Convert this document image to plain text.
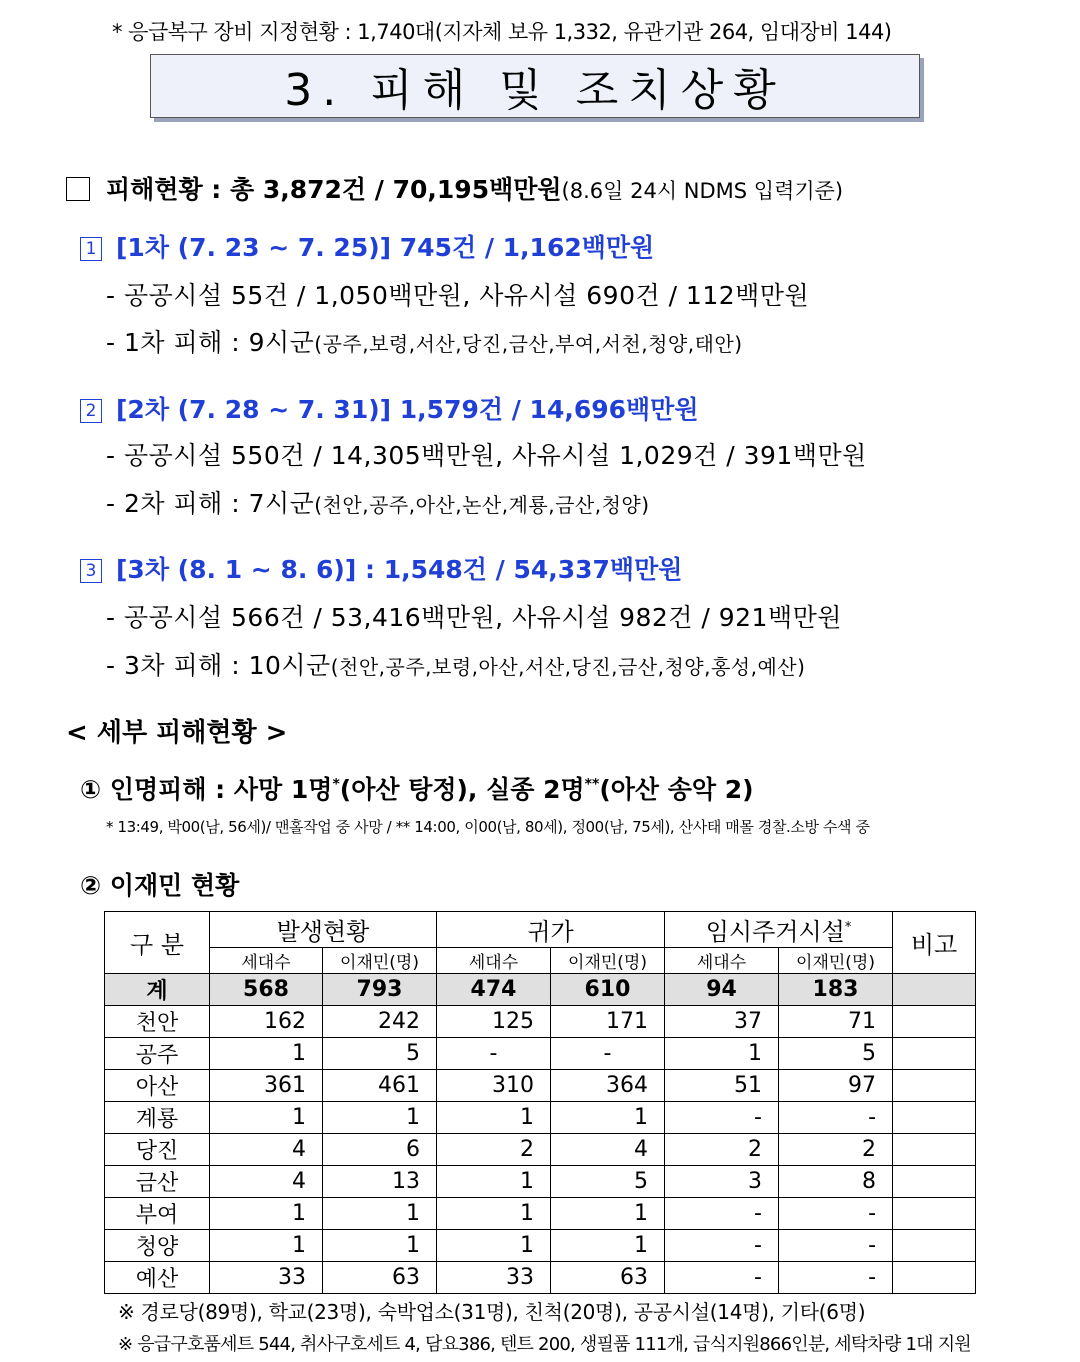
* 응급복구 장비 지정현황 : 1,740대(지자체 보유 1,332, 유관기관 264, 임대장비 144)
3. 피해 및 조치상황
피해현황 : 총 3,872건 / 70,195백만원(8.6일 24시 NDMS 입력기준)
1 [1차 (7. 23 ~ 7. 25)] 745건 / 1,162백만원
- 공공시설 55건 / 1,050백만원, 사유시설 690건 / 112백만원
- 1차 피해 : 9시군(공주,보령,서산,당진,금산,부여,서천,청양,태안)
2 [2차 (7. 28 ~ 7. 31)] 1,579건 / 14,696백만원
- 공공시설 550건 / 14,305백만원, 사유시설 1,029건 / 391백만원
- 2차 피해 : 7시군(천안,공주,아산,논산,계룡,금산,청양)
3 [3차 (8. 1 ~ 8. 6)] : 1,548건 / 54,337백만원
- 공공시설 566건 / 53,416백만원, 사유시설 982건 / 921백만원
- 3차 피해 : 10시군(천안,공주,보령,아산,서산,당진,금산,청양,홍성,예산)
< 세부 피해현황 >
① 인명피해 : 사망 1명*(아산 탕정), 실종 2명**(아산 송악 2)
* 13:49, 박00(남, 56세)/ 맨홀작업 중 사망 / ** 14:00, 이00(남, 80세), 정00(남, 75세), 산사태 매몰 경찰.소방 수색 중
② 이재민 현황
구 분	발생현황		귀가		임시주거시설*		비고
	세대수	이재민(명)	세대수	이재민(명)	세대수	이재민(명)	
계	568	793	474	610	94	183	
천안	162	242	125	171	37	71	
공주	1	5	-	-	1	5	
아산	361	461	310	364	51	97	
계룡	1	1	1	1	-	-	
당진	4	6	2	4	2	2	
금산	4	13	1	5	3	8	
부여	1	1	1	1	-	-	
청양	1	1	1	1	-	-	
예산	33	63	33	63	-	-	
※ 경로당(89명), 학교(23명), 숙박업소(31명), 친척(20명), 공공시설(14명), 기타(6명)
※ 응급구호품세트 544, 취사구호세트 4, 담요386, 텐트 200, 생필품 111개, 급식지원866인분, 세탁차량 1대 지원
